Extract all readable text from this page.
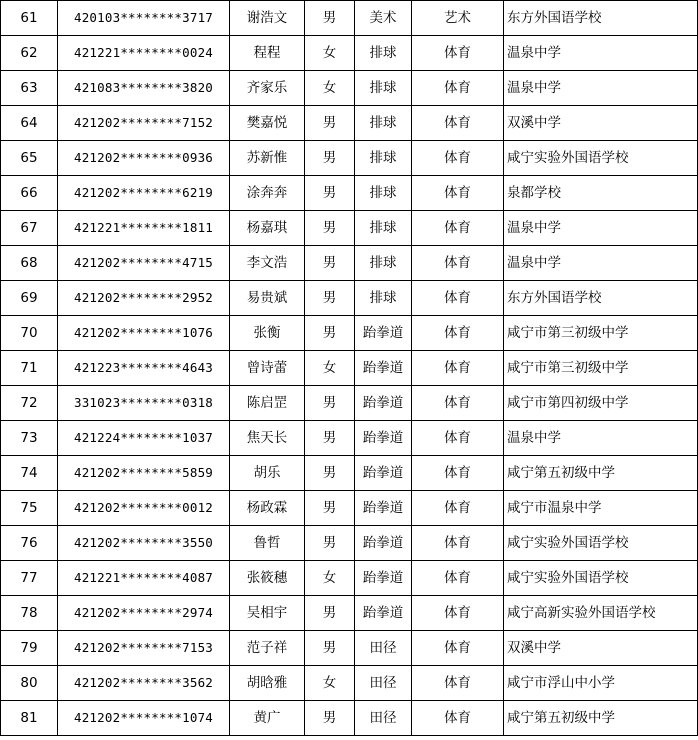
61	420103********3717	谢浩文	男	美术	艺术	东方外国语学校
62	421221********0024	程程	女	排球	体育	温泉中学
63	421083********3820	齐家乐	女	排球	体育	温泉中学
64	421202********7152	樊嘉悦	男	排球	体育	双溪中学
65	421202********0936	苏新惟	男	排球	体育	咸宁实验外国语学校
66	421202********6219	涂奔奔	男	排球	体育	泉都学校
67	421221********1811	杨嘉琪	男	排球	体育	温泉中学
68	421202********4715	李文浩	男	排球	体育	温泉中学
69	421202********2952	易贵斌	男	排球	体育	东方外国语学校
70	421202********1076	张衡	男	跆拳道	体育	咸宁市第三初级中学
71	421223********4643	曾诗蕾	女	跆拳道	体育	咸宁市第三初级中学
72	331023********0318	陈启罡	男	跆拳道	体育	咸宁市第四初级中学
73	421224********1037	焦天长	男	跆拳道	体育	温泉中学
74	421202********5859	胡乐	男	跆拳道	体育	咸宁第五初级中学
75	421202********0012	杨政霖	男	跆拳道	体育	咸宁市温泉中学
76	421202********3550	鲁哲	男	跆拳道	体育	咸宁实验外国语学校
77	421221********4087	张筱穗	女	跆拳道	体育	咸宁实验外国语学校
78	421202********2974	吴相宇	男	跆拳道	体育	咸宁高新实验外国语学校
79	421202********7153	范子祥	男	田径	体育	双溪中学
80	421202********3562	胡晗雅	女	田径	体育	咸宁市浮山中小学
81	421202********1074	黄广	男	田径	体育	咸宁第五初级中学
